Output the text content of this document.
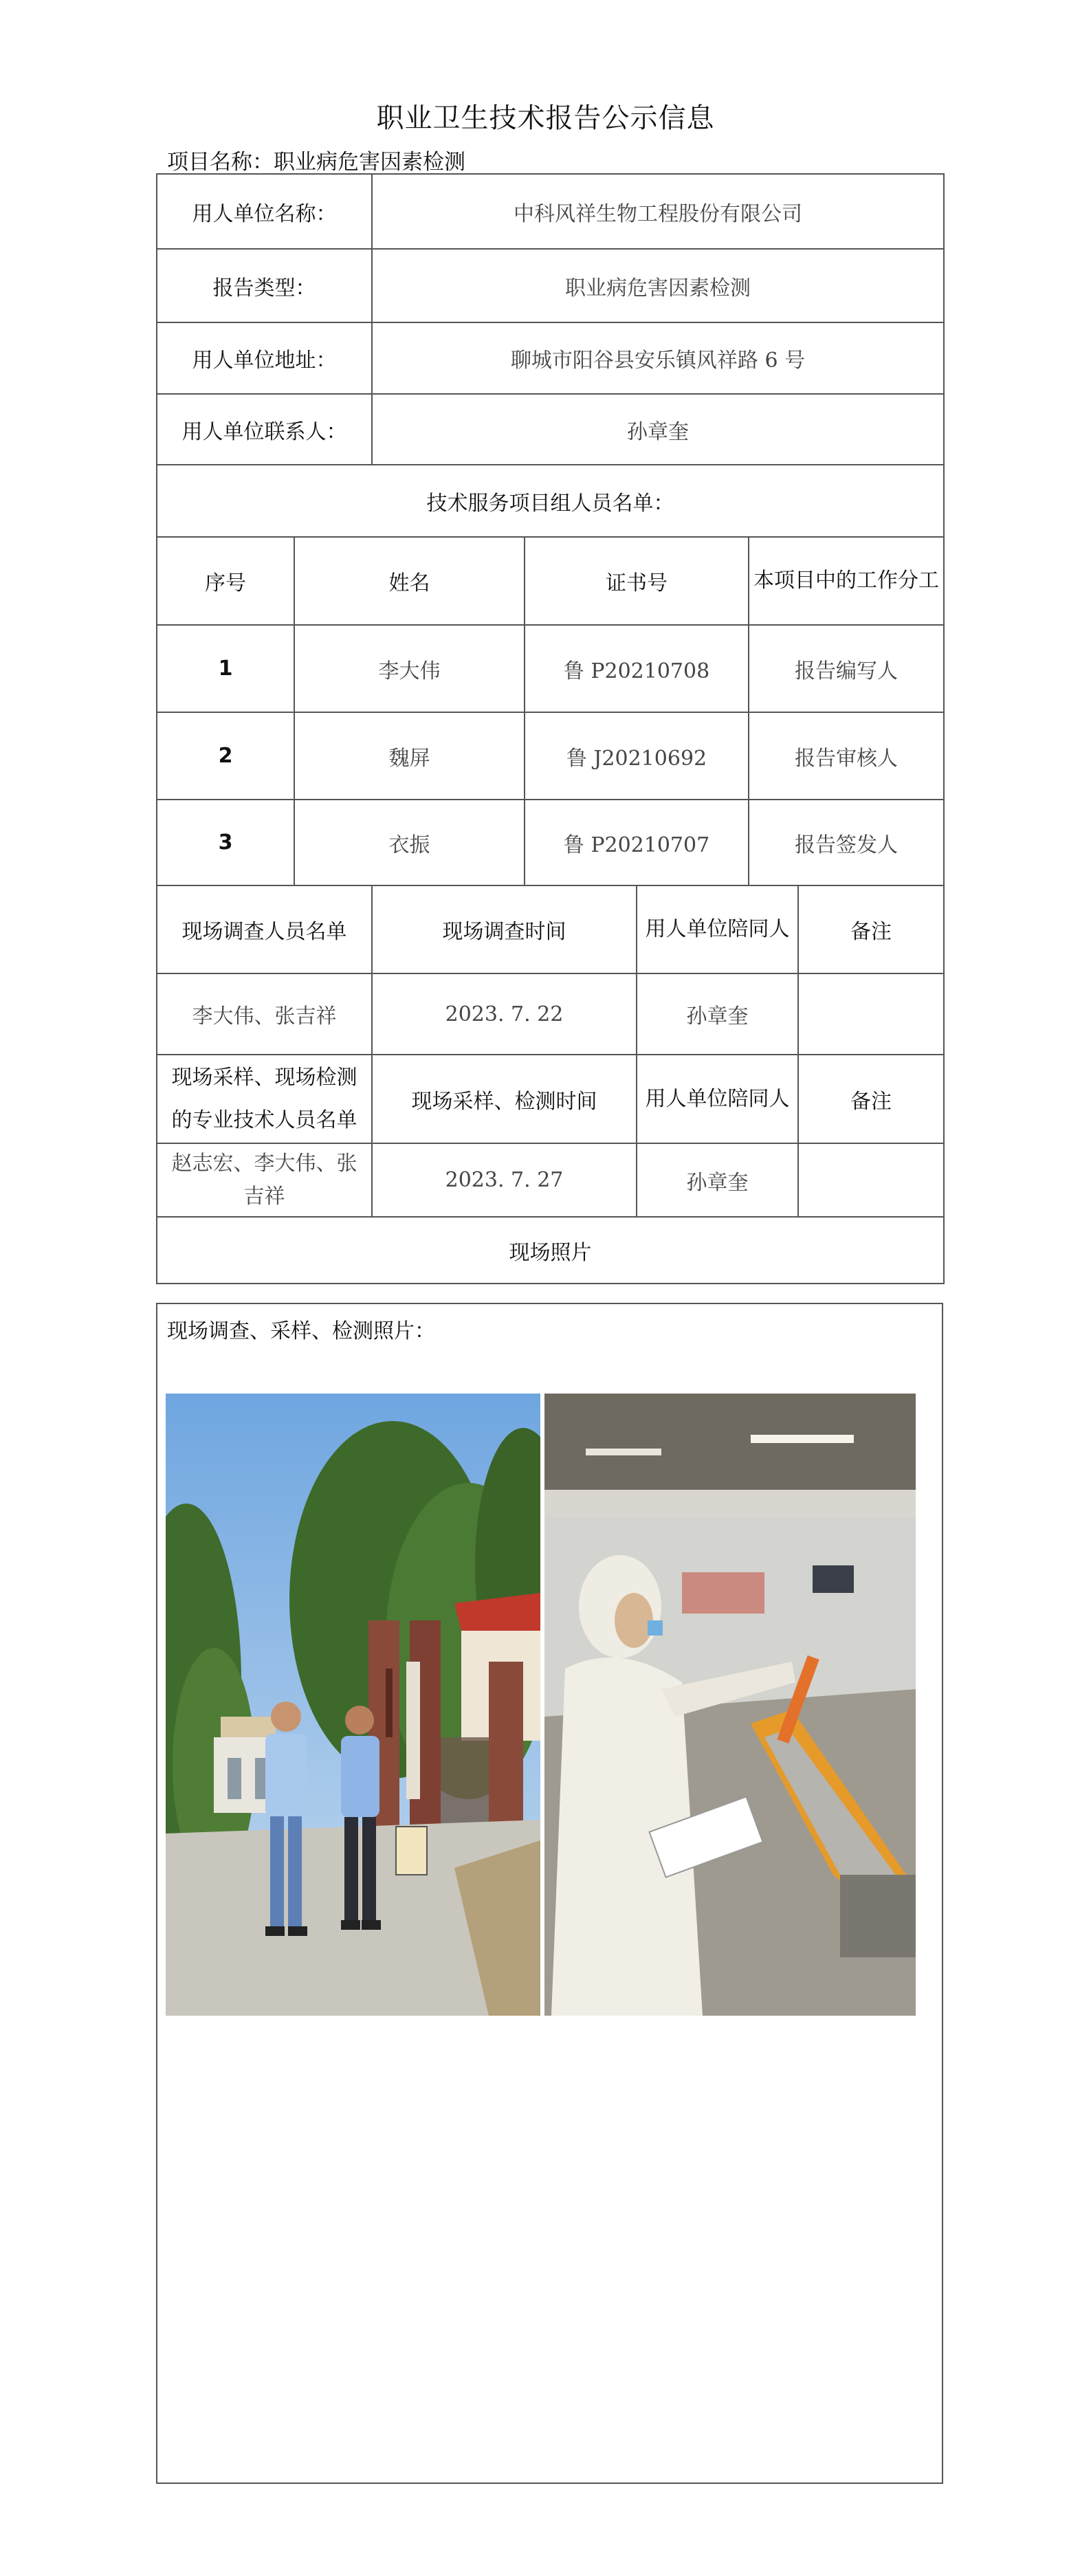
职业卫生技术报告公示信息
项目名称：职业病危害因素检测
用人单位名称：		中科风祥生物工程股份有限公司				
报告类型：		职业病危害因素检测				
用人单位地址：		聊城市阳谷县安乐镇风祥路 6 号				
用人单位联系人：		孙章奎				
技术服务项目组人员名单：						
序号	姓名		证书号		本项目中的工作分工	
1	李大伟		鲁 P20210708		报告编写人	
2	魏屏		鲁 J20210692		报告审核人	
3	衣振		鲁 P20210707		报告签发人	
现场调查人员名单		现场调查时间		用人单位陪同人		备注
李大伟、张吉祥		2023. 7. 22		孙章奎		
现场采样、现场检测的专业技术人员名单		现场采样、检测时间		用人单位陪同人		备注
赵志宏、李大伟、张吉祥		2023. 7. 27		孙章奎		
现场照片						
现场调查、采样、检测照片：
